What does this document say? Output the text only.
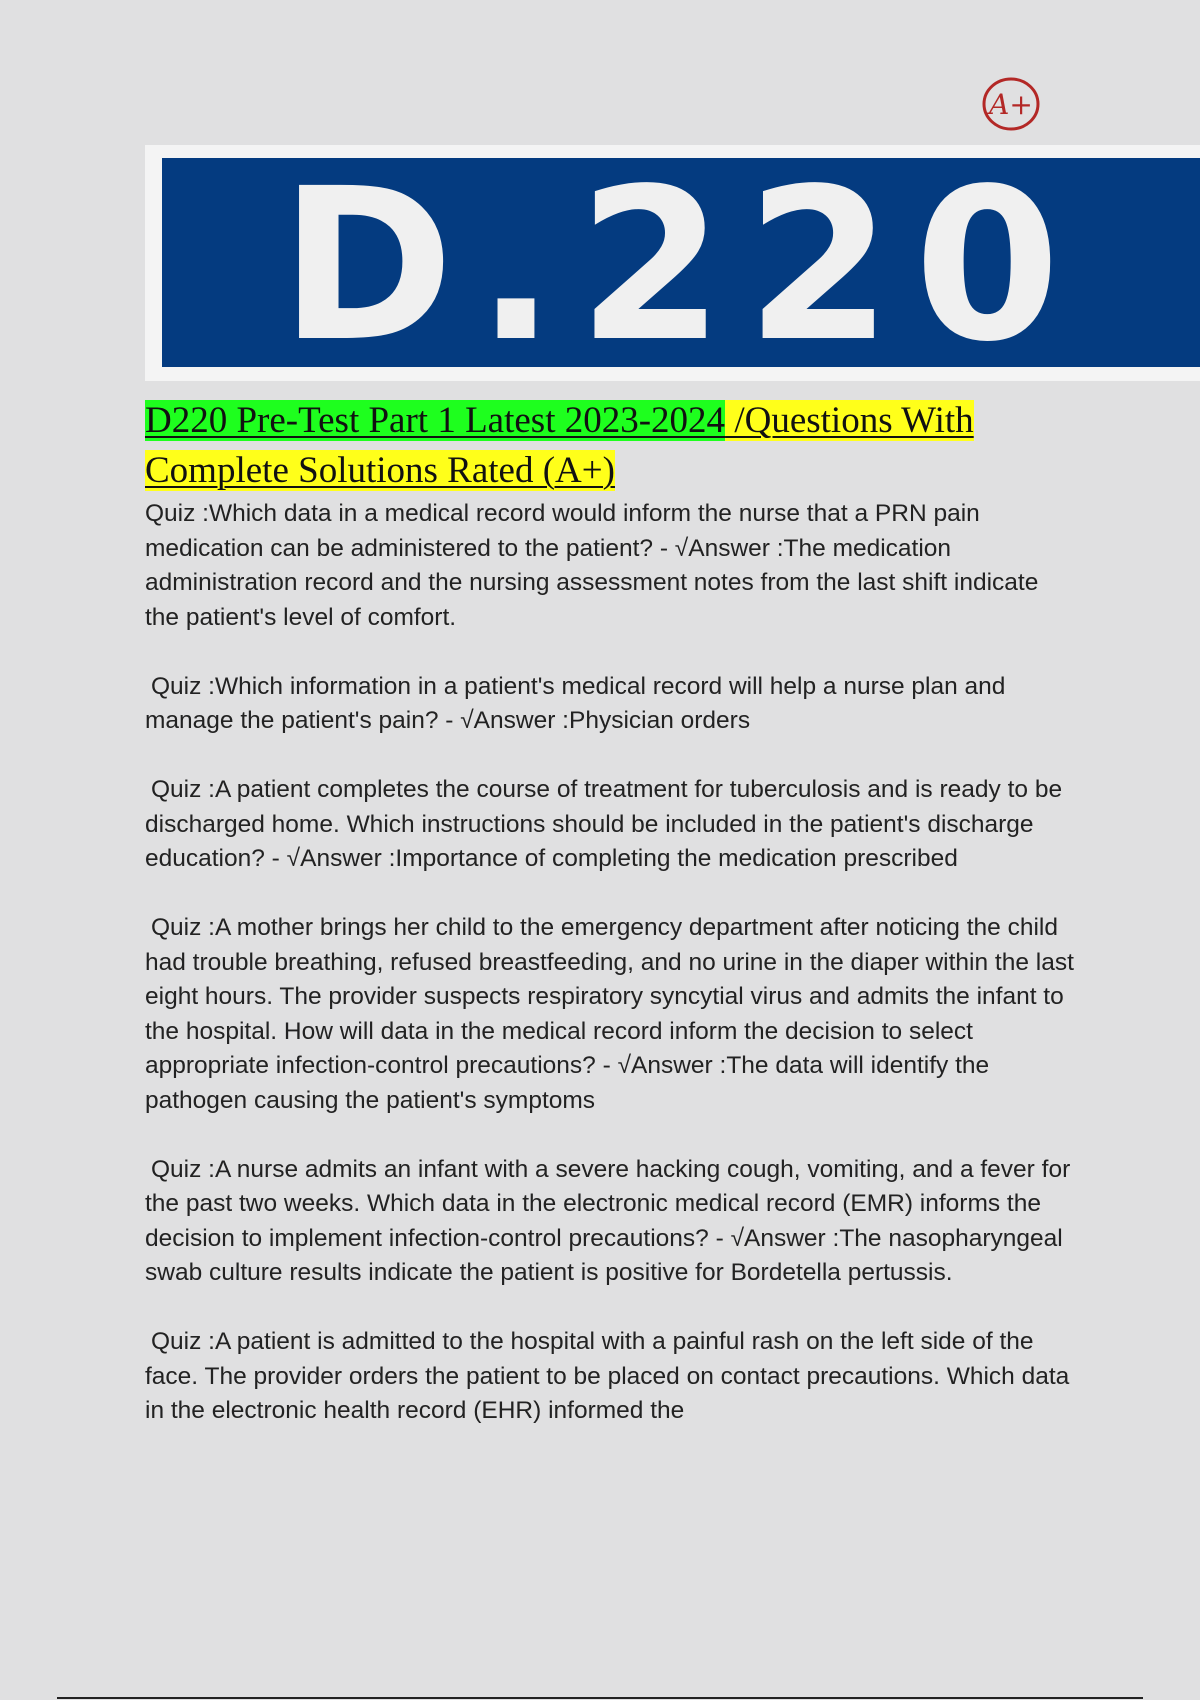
A+
D.220
D220 Pre-Test Part 1 Latest 2023-2024 /Questions With
Complete Solutions Rated (A+)

Quiz :Which data in a medical record would inform the nurse that a PRN pain medication can be administered to the patient? - √Answer :The medication administration record and the nursing assessment notes from the last shift indicate the patient's level of comfort.

Quiz :Which information in a patient's medical record will help a nurse plan and manage the patient's pain? - √Answer :Physician orders

Quiz :A patient completes the course of treatment for tuberculosis and is ready to be discharged home. Which instructions should be included in the patient's discharge education? - √Answer :Importance of completing the medication prescribed

Quiz :A mother brings her child to the emergency department after noticing the child had trouble breathing, refused breastfeeding, and no urine in the diaper within the last eight hours. The provider suspects respiratory syncytial virus and admits the infant to the hospital. How will data in the medical record inform the decision to select appropriate infection-control precautions? - √Answer :The data will identify the pathogen causing the patient's symptoms

Quiz :A nurse admits an infant with a severe hacking cough, vomiting, and a fever for the past two weeks. Which data in the electronic medical record (EMR) informs the decision to implement infection-control precautions? - √Answer :The nasopharyngeal swab culture results indicate the patient is positive for Bordetella pertussis.

Quiz :A patient is admitted to the hospital with a painful rash on the left side of the face. The provider orders the patient to be placed on contact precautions. Which data in the electronic health record (EHR) informed the
